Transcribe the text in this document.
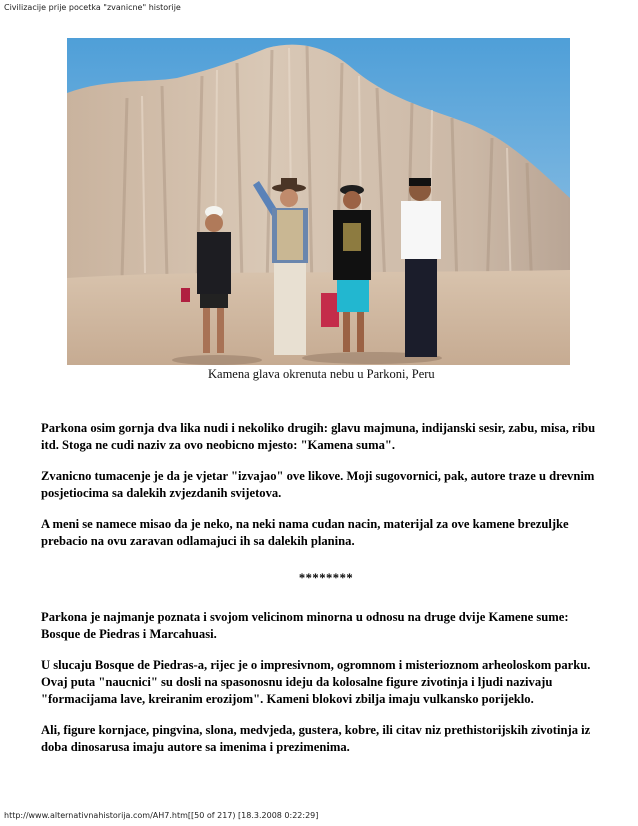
Civilizacije prije pocetka "zvanicne" historije
Kamena glava okrenuta nebu u Parkoni, Peru

Parkona osim gornja dva lika nudi i nekoliko drugih: glavu majmuna, indijanski sesir, zabu, misa, ribu itd. Stoga ne cudi naziv za ovo neobicno mjesto: "Kamena suma".

Zvanicno tumacenje je da je vjetar "izvajao" ove likove. Moji sugovornici, pak, autore traze u drevnim posjetiocima sa dalekih zvjezdanih svijetova.

A meni se namece misao da je neko, na neki nama cudan nacin, materijal za ove kamene brezuljke prebacio na ovu zaravan odlamajuci ih sa dalekih planina.

********

Parkona je najmanje poznata i svojom velicinom minorna u odnosu na druge dvije Kamene sume: Bosque de Piedras i Marcahuasi.

U slucaju Bosque de Piedras-a, rijec je o impresivnom, ogromnom i misterioznom arheoloskom parku. Ovaj puta "naucnici" su dosli na spasonosnu ideju da kolosalne figure zivotinja i ljudi nazivaju "formacijama lave, kreiranim erozijom". Kameni blokovi zbilja imaju vulkansko porijeklo.

Ali, figure kornjace, pingvina, slona, medvjeda, gustera, kobre, ili citav niz prethistorijskih zivotinja iz doba dinosarusa imaju autore sa imenima i prezimenima.

http://www.alternativnahistorija.com/AH7.htm[[50 of 217) [18.3.2008 0:22:29]
